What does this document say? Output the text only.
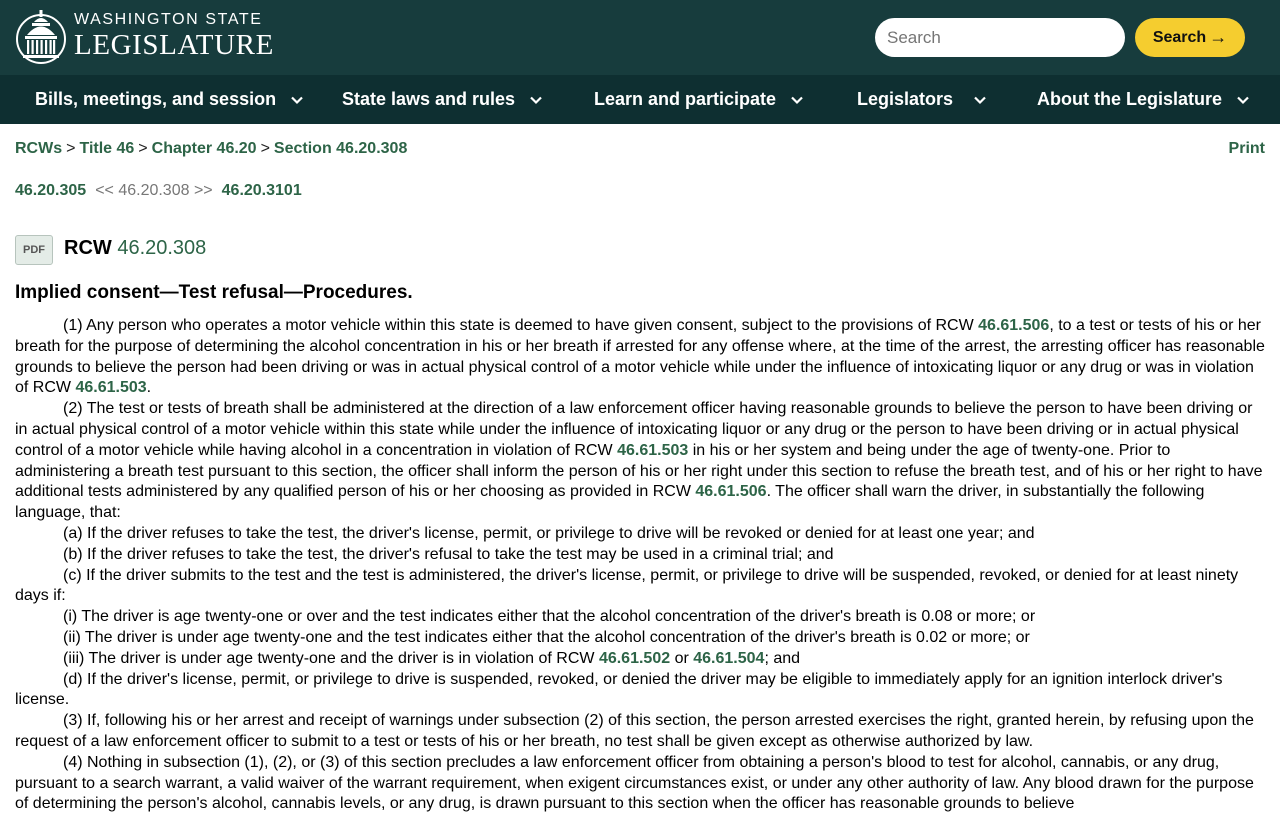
WASHINGTON STATE
LEGISLATURE
Search	Search →
Bills, meetings, and session	State laws and rules	Learn and participate	Legislators	About the Legislature
RCWs > Title 46 > Chapter 46.20 > Section 46.20.308	Print
46.20.305 << 46.20.308 >> 46.20.3101
PDF RCW 46.20.308
Implied consent—Test refusal—Procedures.

(1) Any person who operates a motor vehicle within this state is deemed to have given consent, subject to the provisions of RCW 46.61.506, to a test or tests of his or her breath for the purpose of determining the alcohol concentration in his or her breath if arrested for any offense where, at the time of the arrest, the arresting officer has reasonable grounds to believe the person had been driving or was in actual physical control of a motor vehicle while under the influence of intoxicating liquor or any drug or was in violation of RCW 46.61.503.

(2) The test or tests of breath shall be administered at the direction of a law enforcement officer having reasonable grounds to believe the person to have been driving or in actual physical control of a motor vehicle within this state while under the influence of intoxicating liquor or any drug or the person to have been driving or in actual physical control of a motor vehicle while having alcohol in a concentration in violation of RCW 46.61.503 in his or her system and being under the age of twenty-one. Prior to administering a breath test pursuant to this section, the officer shall inform the person of his or her right under this section to refuse the breath test, and of his or her right to have additional tests administered by any qualified person of his or her choosing as provided in RCW 46.61.506. The officer shall warn the driver, in substantially the following language, that:

(a) If the driver refuses to take the test, the driver's license, permit, or privilege to drive will be revoked or denied for at least one year; and

(b) If the driver refuses to take the test, the driver's refusal to take the test may be used in a criminal trial; and

(c) If the driver submits to the test and the test is administered, the driver's license, permit, or privilege to drive will be suspended, revoked, or denied for at least ninety days if:

(i) The driver is age twenty-one or over and the test indicates either that the alcohol concentration of the driver's breath is 0.08 or more; or

(ii) The driver is under age twenty-one and the test indicates either that the alcohol concentration of the driver's breath is 0.02 or more; or

(iii) The driver is under age twenty-one and the driver is in violation of RCW 46.61.502 or 46.61.504; and

(d) If the driver's license, permit, or privilege to drive is suspended, revoked, or denied the driver may be eligible to immediately apply for an ignition interlock driver's license.

(3) If, following his or her arrest and receipt of warnings under subsection (2) of this section, the person arrested exercises the right, granted herein, by refusing upon the request of a law enforcement officer to submit to a test or tests of his or her breath, no test shall be given except as otherwise authorized by law.

(4) Nothing in subsection (1), (2), or (3) of this section precludes a law enforcement officer from obtaining a person's blood to test for alcohol, cannabis, or any drug, pursuant to a search warrant, a valid waiver of the warrant requirement, when exigent circumstances exist, or under any other authority of law. Any blood drawn for the purpose of determining the person's alcohol, cannabis levels, or any drug, is drawn pursuant to this section when the officer has reasonable grounds to believe
